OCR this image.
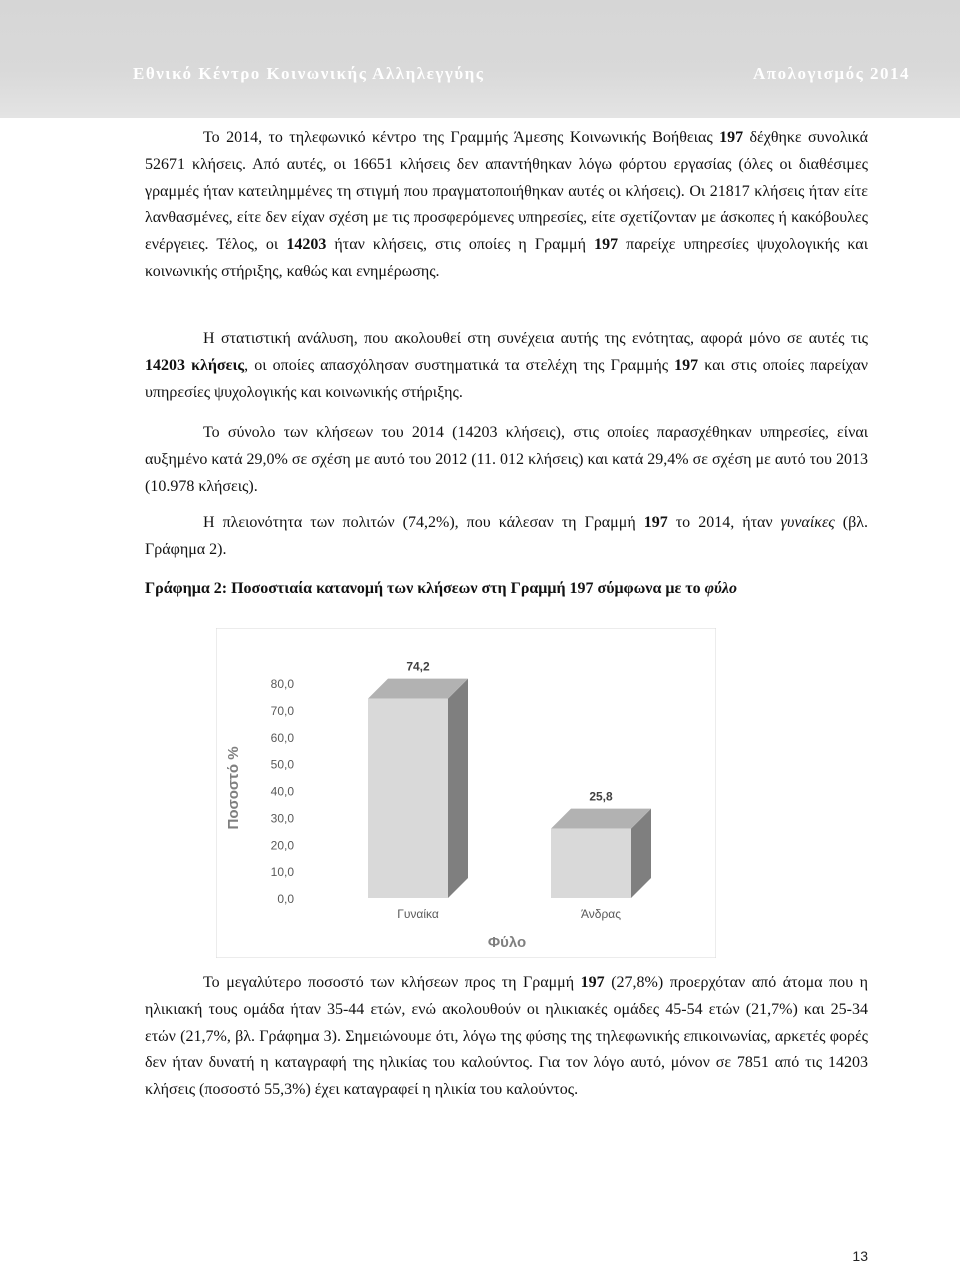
Εθνικό Κέντρο Κοινωνικής Αλληλεγγύης	Απολογισμός 2014

Το 2014, το τηλεφωνικό κέντρο της Γραμμής Άμεσης Κοινωνικής Βοήθειας 197 δέχθηκε συνολικά 52671 κλήσεις. Από αυτές, οι 16651 κλήσεις δεν απαντήθηκαν λόγω φόρτου εργασίας (όλες οι διαθέσιμες γραμμές ήταν κατειλημμένες τη στιγμή που πραγματοποιήθηκαν αυτές οι κλήσεις). Οι 21817 κλήσεις ήταν είτε λανθασμένες, είτε δεν είχαν σχέση με τις προσφερόμενες υπηρεσίες, είτε σχετίζονταν με άσκοπες ή κακόβουλες ενέργειες. Τέλος, οι 14203 ήταν κλήσεις, στις οποίες η Γραμμή 197 παρείχε υπηρεσίες ψυχολογικής και κοινωνικής στήριξης, καθώς και ενημέρωσης.

Η στατιστική ανάλυση, που ακολουθεί στη συνέχεια αυτής της ενότητας, αφορά μόνο σε αυτές τις 14203 κλήσεις, οι οποίες απασχόλησαν συστηματικά τα στελέχη της Γραμμής 197 και στις οποίες παρείχαν υπηρεσίες ψυχολογικής και κοινωνικής στήριξης.

Το σύνολο των κλήσεων του 2014 (14203 κλήσεις), στις οποίες παρασχέθηκαν υπηρεσίες, είναι αυξημένο κατά 29,0% σε σχέση με αυτό του 2012 (11. 012 κλήσεις) και κατά 29,4% σε σχέση με αυτό του 2013 (10.978 κλήσεις).

Η πλειονότητα των πολιτών (74,2%), που κάλεσαν τη Γραμμή 197 το 2014, ήταν γυναίκες (βλ. Γράφημα 2).

Γράφημα 2: Ποσοστιαία κατανομή των κλήσεων στη Γραμμή 197 σύμφωνα με το φύλο

0,0
10,0
20,0
30,0
40,0
50,0
60,0
70,0
80,0
74,2
Γυναίκα
25,8
Άνδρας
Ποσοστό %
Φύλο

Το μεγαλύτερο ποσοστό των κλήσεων προς τη Γραμμή 197 (27,8%) προερχόταν από άτομα που η ηλικιακή τους ομάδα ήταν 35-44 ετών, ενώ ακολουθούν οι ηλικιακές ομάδες 45-54 ετών (21,7%) και 25-34 ετών (21,7%, βλ. Γράφημα 3). Σημειώνουμε ότι, λόγω της φύσης της τηλεφωνικής επικοινωνίας, αρκετές φορές δεν ήταν δυνατή η καταγραφή της ηλικίας του καλούντος. Για τον λόγο αυτό, μόνον σε 7851 από τις 14203 κλήσεις (ποσοστό 55,3%) έχει καταγραφεί η ηλικία του καλούντος.

13
